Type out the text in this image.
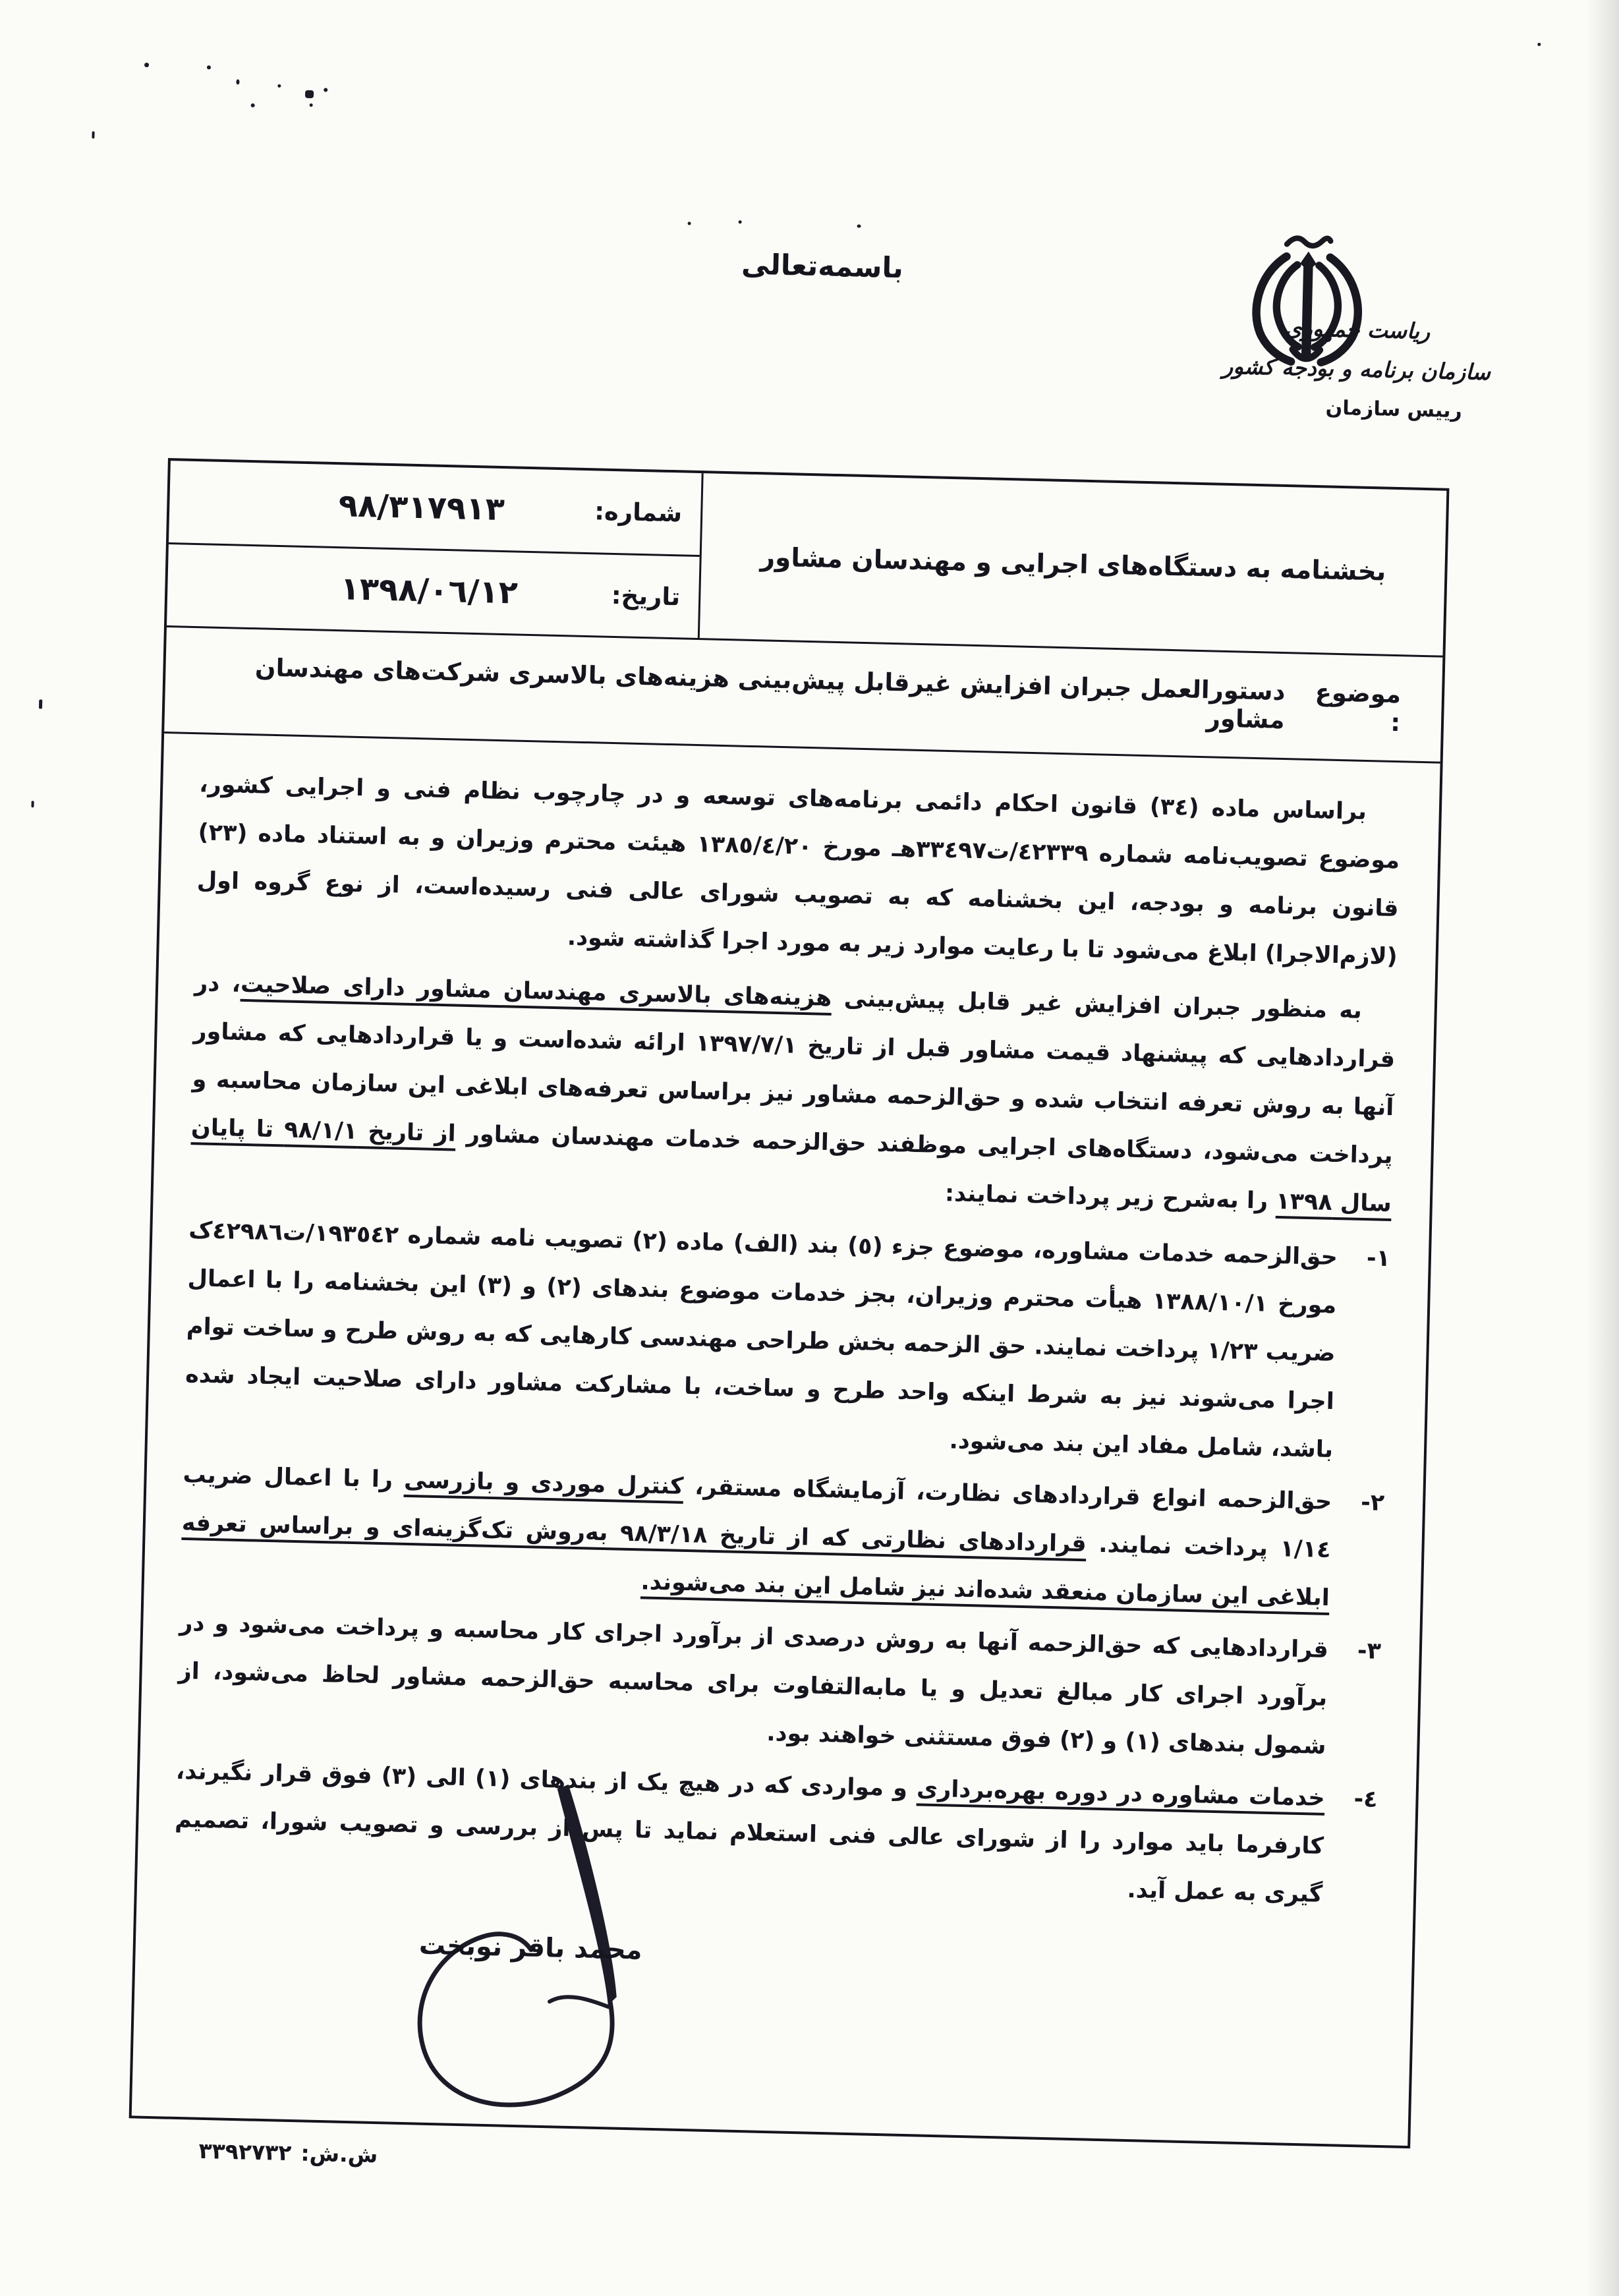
باسمه‌تعالی
ریاست جمهوری
سازمان برنامه و بودجه کشور
رییس سازمان
بخشنامه به دستگاه‌های اجرایی و مهندسان مشاور
شماره:
٩٨/٣١٧٩١٣
تاریخ:
١٣٩٨/٠٦/١٢
موضوع :
دستورالعمل جبران افزایش غیرقابل پیش‌بینی هزینه‌های بالاسری شرکت‌های مهندسان مشاور

براساس ماده (٣٤) قانون احکام دائمی برنامه‌های توسعه و در چارچوب نظام فنی و اجرایی کشور، موضوع تصویب‌نامه شماره ٤٢٣٣٩/ت٣٣٤٩٧هـ مورخ ١٣٨٥/٤/٢٠ هیئت محترم وزیران و به استناد ماده (٢٣) قانون برنامه و بودجه، این بخشنامه که به تصویب شورای عالی فنی رسیده‌است، از نوع گروه اول (لازم‌الاجرا) ابلاغ می‌شود تا با رعایت موارد زیر به مورد اجرا گذاشته شود.

به منظور جبران افزایش غیر قابل پیش‌بینی هزینه‌های بالاسری مهندسان مشاور دارای صلاحیت، در قراردادهایی که پیشنهاد قیمت مشاور قبل از تاریخ ١٣٩٧/٧/١ ارائه شده‌است و یا قراردادهایی که مشاور آنها به روش تعرفه انتخاب شده و حق‌الزحمه مشاور نیز براساس تعرفه‌های ابلاغی این سازمان محاسبه و پرداخت می‌شود، دستگاه‌های اجرایی موظفند حق‌الزحمه خدمات مهندسان مشاور از تاریخ ٩٨/١/١ تا پایان سال ١٣٩٨ را به‌شرح زیر پرداخت نمایند:

١-
حق‌الزحمه خدمات مشاوره، موضوع جزء (٥) بند (الف) ماده (٢) تصویب نامه شماره ١٩٣٥٤٢/ت٤٢٩٨٦ک مورخ ١٣٨٨/١٠/١ هیأت محترم وزیران، بجز خدمات موضوع بندهای (٢) و (٣) این بخشنامه را با اعمال ضریب ١/٢٣ پرداخت نمایند. حق الزحمه بخش طراحی مهندسی کارهایی که به روش طرح و ساخت توام اجرا می‌شوند نیز به شرط اینکه واحد طرح و ساخت، با مشارکت مشاور دارای صلاحیت ایجاد شده باشد، شامل مفاد این بند می‌شود.
٢-
حق‌الزحمه انواع قراردادهای نظارت، آزمایشگاه مستقر، کنترل موردی و بازرسی را با اعمال ضریب ١/١٤ پرداخت نمایند. قراردادهای نظارتی که از تاریخ ٩٨/٣/١٨ به‌روش تک‌گزینه‌ای و براساس تعرفه ابلاغی این سازمان منعقد شده‌اند نیز شامل این بند می‌شوند.
٣-
قراردادهایی که حق‌الزحمه آنها به روش درصدی از برآورد اجرای کار محاسبه و پرداخت می‌شود و در برآورد اجرای کار مبالغ تعدیل و یا مابه‌التفاوت برای محاسبه حق‌الزحمه مشاور لحاظ می‌شود، از شمول بندهای (١) و (٢) فوق مستثنی خواهند بود.
٤-
خدمات مشاوره در دوره بهره‌برداری و مواردی که در هیچ یک از بندهای (١) الی (٣) فوق قرار نگیرند، کارفرما باید موارد را از شورای عالی فنی استعلام نماید تا پس از بررسی و تصویب شورا، تصمیم گیری به عمل آید.
محمد باقر نوبخت
ش.ش:٣٣٩٢٧٣٢
